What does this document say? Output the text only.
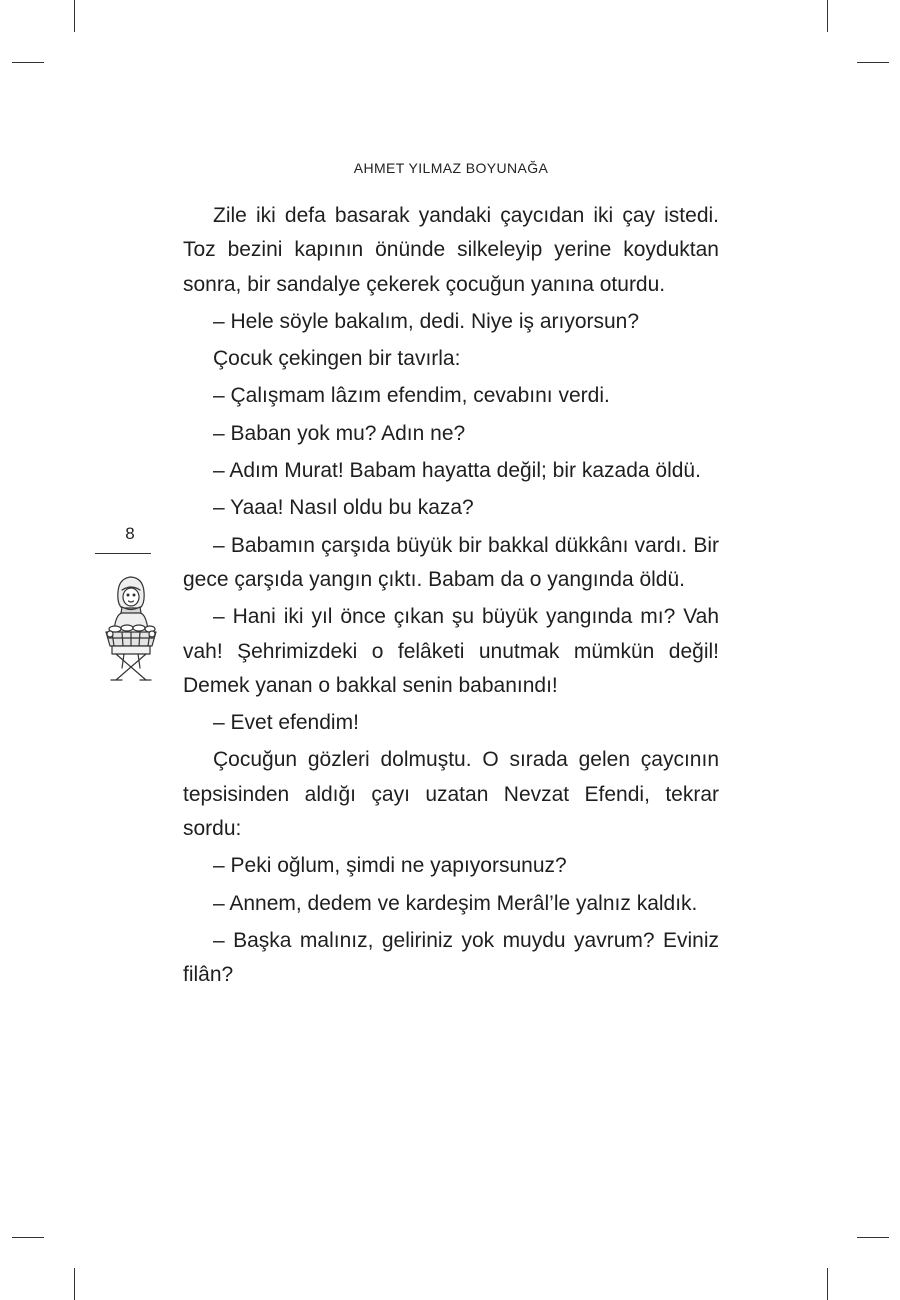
AHMET YILMAZ BOYUNAĞA
8

Zile iki defa basarak yandaki çaycıdan iki çay istedi. Toz bezini kapının önünde silkeleyip yerine koyduktan sonra, bir sandalye çekerek çocuğun yanına oturdu.

– Hele söyle bakalım, dedi. Niye iş arıyorsun?

Çocuk çekingen bir tavırla:

– Çalışmam lâzım efendim, cevabını verdi.

– Baban yok mu? Adın ne?

– Adım Murat! Babam hayatta değil; bir kazada öldü.

– Yaaa! Nasıl oldu bu kaza?

– Babamın çarşıda büyük bir bakkal dükkânı vardı. Bir gece çarşıda yangın çıktı. Babam da o yangında öldü.

– Hani iki yıl önce çıkan şu büyük yangında mı? Vah vah! Şehrimizdeki o felâketi unutmak mümkün değil! Demek yanan o bakkal senin babanındı!

– Evet efendim!

Çocuğun gözleri dolmuştu. O sırada gelen çaycının tepsisinden aldığı çayı uzatan Nevzat Efendi, tekrar sordu:

– Peki oğlum, şimdi ne yapıyorsunuz?

– Annem, dedem ve kardeşim Merâl’le yalnız kaldık.

– Başka malınız, geliriniz yok muydu yavrum? Eviniz filân?
